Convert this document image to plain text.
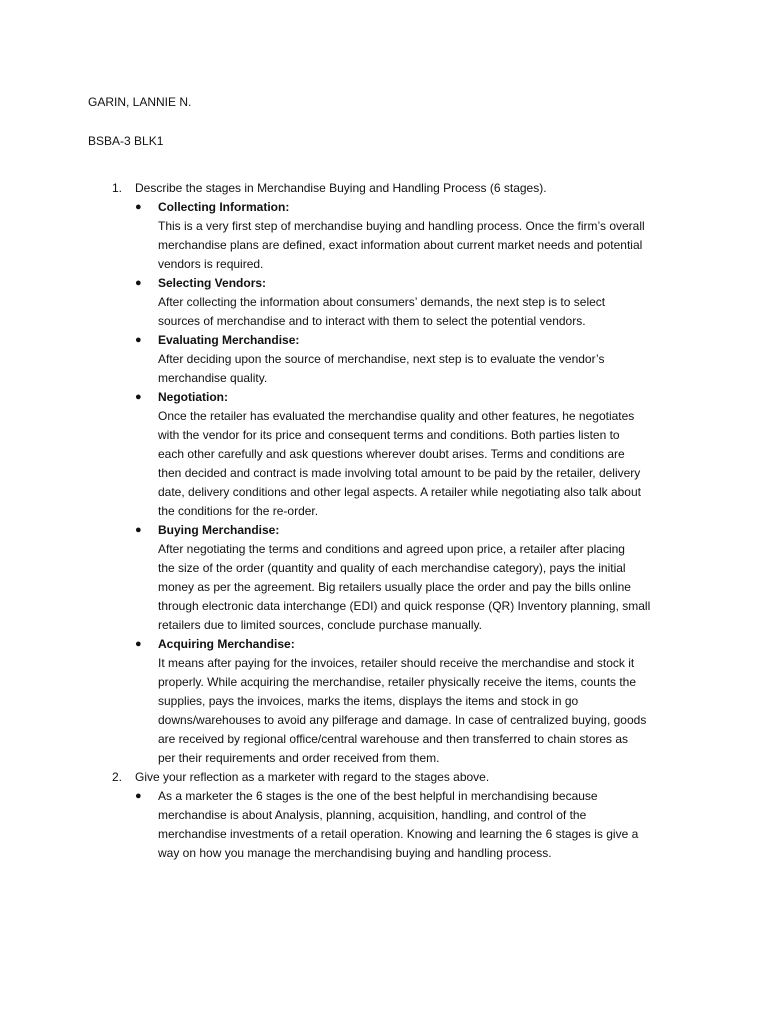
GARIN, LANNIE N.
BSBA-3 BLK1
1. Describe the stages in Merchandise Buying and Handling Process (6 stages).
●	Collecting Information:
This is a very first step of merchandise buying and handling process. Once the firm’s overall
merchandise plans are defined, exact information about current market needs and potential
vendors is required.
●	Selecting Vendors:
After collecting the information about consumers’ demands, the next step is to select
sources of merchandise and to interact with them to select the potential vendors.
●	Evaluating Merchandise:
After deciding upon the source of merchandise, next step is to evaluate the vendor’s
merchandise quality.
●	Negotiation:
Once the retailer has evaluated the merchandise quality and other features, he negotiates
with the vendor for its price and consequent terms and conditions. Both parties listen to
each other carefully and ask questions wherever doubt arises. Terms and conditions are
then decided and contract is made involving total amount to be paid by the retailer, delivery
date, delivery conditions and other legal aspects. A retailer while negotiating also talk about
the conditions for the re-order.
●	Buying Merchandise:
After negotiating the terms and conditions and agreed upon price, a retailer after placing
the size of the order (quantity and quality of each merchandise category), pays the initial
money as per the agreement. Big retailers usually place the order and pay the bills online
through electronic data interchange (EDI) and quick response (QR) Inventory planning, small
retailers due to limited sources, conclude purchase manually.
●	Acquiring Merchandise:
It means after paying for the invoices, retailer should receive the merchandise and stock it
properly. While acquiring the merchandise, retailer physically receive the items, counts the
supplies, pays the invoices, marks the items, displays the items and stock in go
downs/warehouses to avoid any pilferage and damage. In case of centralized buying, goods
are received by regional office/central warehouse and then transferred to chain stores as
per their requirements and order received from them.
2. Give your reflection as a marketer with regard to the stages above.
●	As a marketer the 6 stages is the one of the best helpful in merchandising because
merchandise is about Analysis, planning, acquisition, handling, and control of the
merchandise investments of a retail operation. Knowing and learning the 6 stages is give a
way on how you manage the merchandising buying and handling process.
